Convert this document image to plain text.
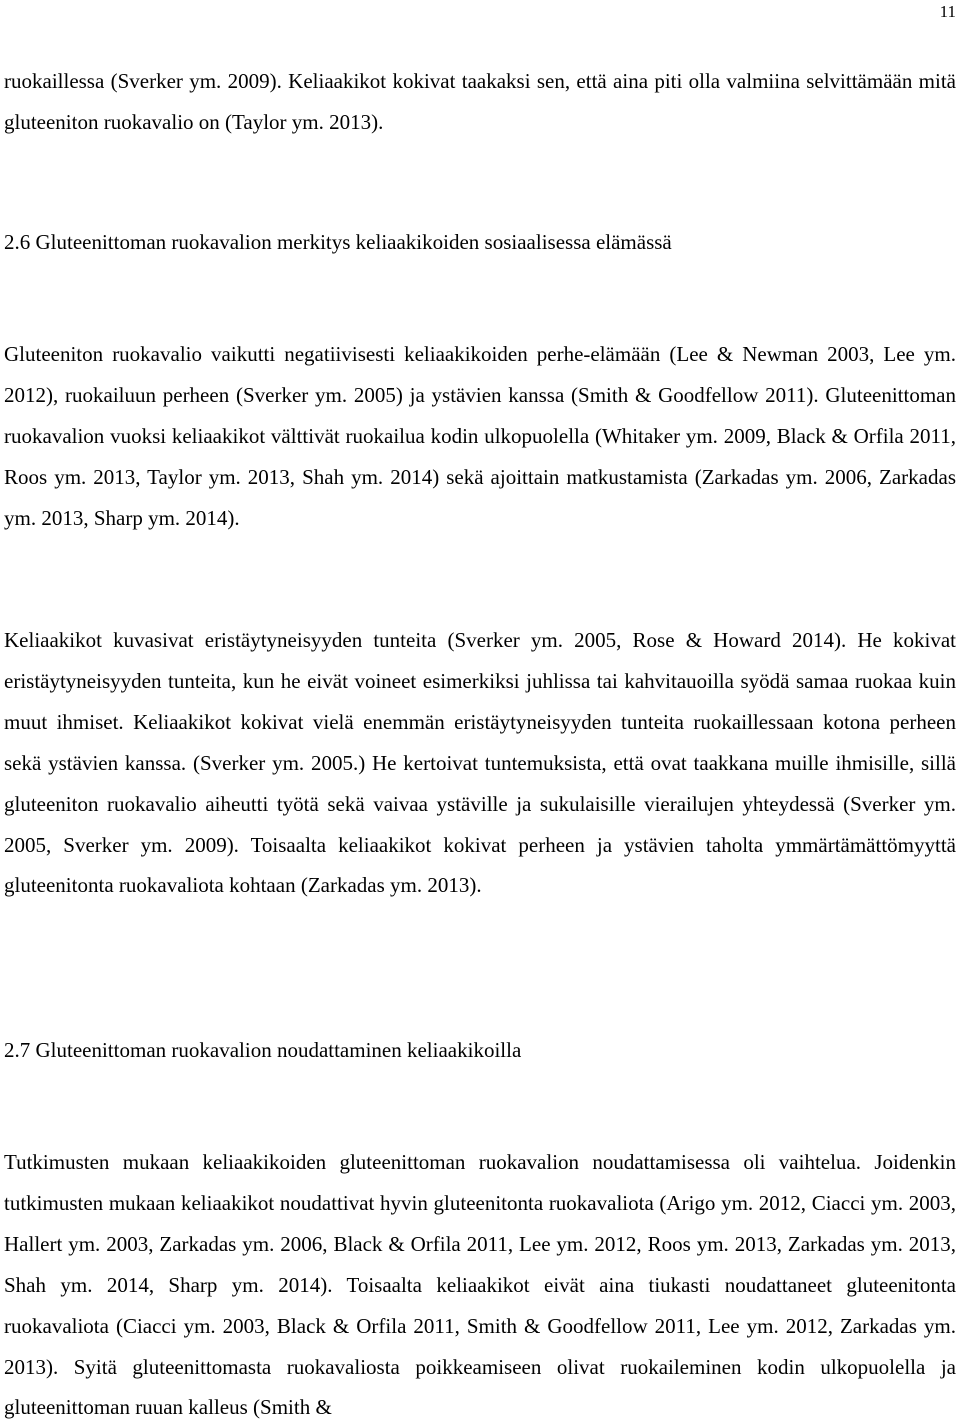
11

ruokaillessa (Sverker ym. 2009). Keliaakikot kokivat taakaksi sen, että aina piti olla valmiina selvittämään mitä gluteeniton ruokavalio on (Taylor ym. 2013).

2.6 Gluteenittoman ruokavalion merkitys keliaakikoiden sosiaalisessa elämässä

Gluteeniton ruokavalio vaikutti negatiivisesti keliaakikoiden perhe-elämään (Lee & Newman 2003, Lee ym. 2012), ruokailuun perheen (Sverker ym. 2005) ja ystävien kanssa (Smith & Goodfellow 2011). Gluteenittoman ruokavalion vuoksi keliaakikot välttivät ruokailua kodin ulkopuolella (Whitaker ym. 2009, Black & Orfila 2011, Roos ym. 2013, Taylor ym. 2013, Shah ym. 2014) sekä ajoittain matkustamista (Zarkadas ym. 2006, Zarkadas ym. 2013, Sharp ym. 2014).

Keliaakikot kuvasivat eristäytyneisyyden tunteita (Sverker ym. 2005, Rose & Howard 2014). He kokivat eristäytyneisyyden tunteita, kun he eivät voineet esimerkiksi juhlissa tai kahvitauoilla syödä samaa ruokaa kuin muut ihmiset. Keliaakikot kokivat vielä enemmän eristäytyneisyyden tunteita ruokaillessaan kotona perheen sekä ystävien kanssa. (Sverker ym. 2005.) He kertoivat tuntemuksista, että ovat taakkana muille ihmisille, sillä gluteeniton ruokavalio aiheutti työtä sekä vaivaa ystäville ja sukulaisille vierailujen yhteydessä (Sverker ym. 2005, Sverker ym. 2009). Toisaalta keliaakikot kokivat perheen ja ystävien taholta ymmärtämättömyyttä gluteenitonta ruokavaliota kohtaan (Zarkadas ym. 2013).

2.7 Gluteenittoman ruokavalion noudattaminen keliaakikoilla

Tutkimusten mukaan keliaakikoiden gluteenittoman ruokavalion noudattamisessa oli vaihtelua. Joidenkin tutkimusten mukaan keliaakikot noudattivat hyvin gluteenitonta ruokavaliota (Arigo ym. 2012, Ciacci ym. 2003, Hallert ym. 2003, Zarkadas ym. 2006, Black & Orfila 2011, Lee ym. 2012, Roos ym. 2013, Zarkadas ym. 2013, Shah ym. 2014, Sharp ym. 2014). Toisaalta keliaakikot eivät aina tiukasti noudattaneet gluteenitonta ruokavaliota (Ciacci ym. 2003, Black & Orfila 2011, Smith & Goodfellow 2011, Lee ym. 2012, Zarkadas ym. 2013). Syitä gluteenittomasta ruokavaliosta poikkeamiseen olivat ruokaileminen kodin ulkopuolella ja gluteenittoman ruuan kalleus (Smith &
